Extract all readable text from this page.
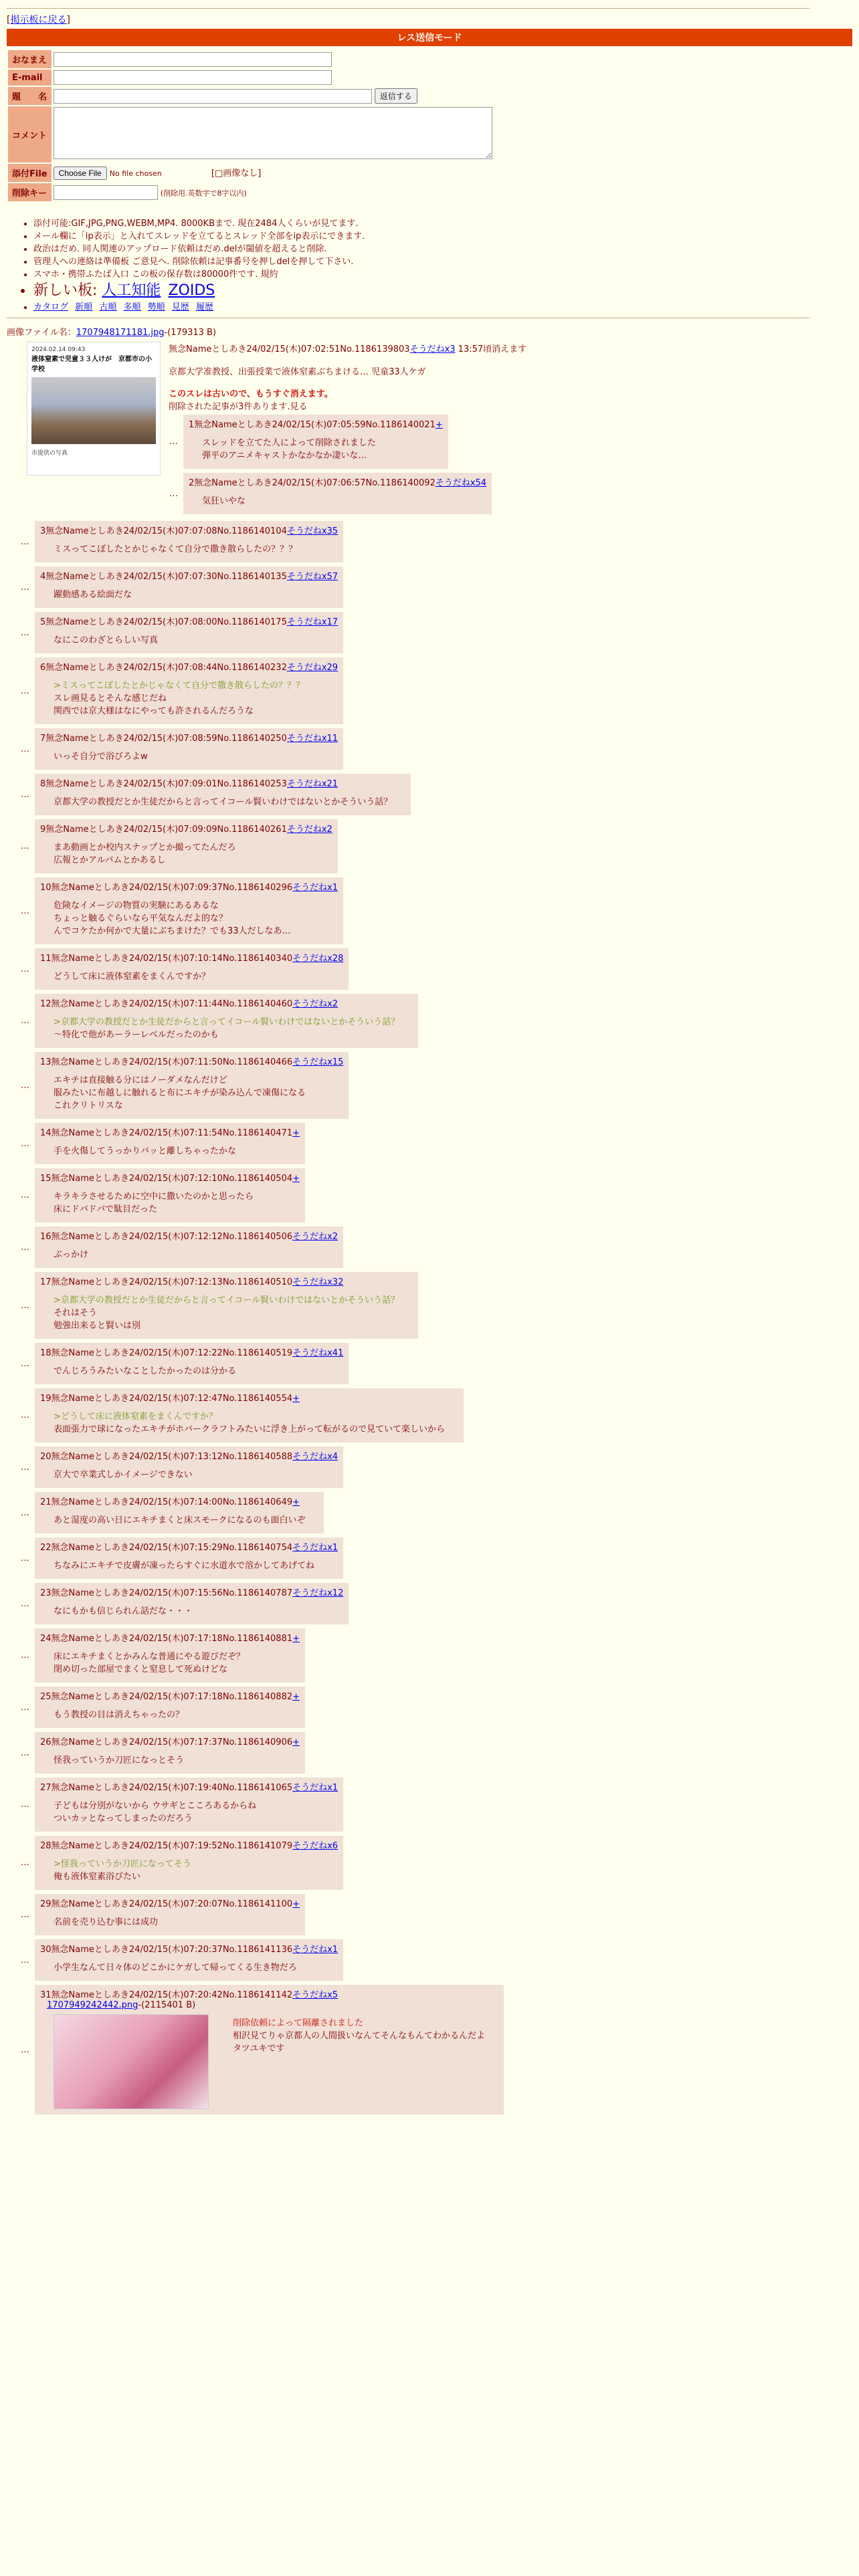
[掲示板に戻る]
レス送信モード
おなまえ	
E-mail	
題　　名	返信する
コメント	
添付File	Choose File No file chosen [□画像なし]
削除キー	(削除用.英数字で8字以内)
• 添付可能:GIF,JPG,PNG,WEBM,MP4. 8000KBまで. 現在2484人くらいが見てます.
• メール欄に「ip表示」と入れてスレッドを立てるとスレッド全部をip表示にできます.
• 政治はだめ. 同人関連のアップロード依頼はだめ.delが閾値を超えると削除.
• 管理人への連絡は準備板 ご意見へ. 削除依頼は記事番号を押しdelを押して下さい.
• スマホ・携帯ふたば入口 この板の保存数は80000件です. 規約
• 新しい板: 人工知能 ZOIDS
• カタログ 新順 古順 多順 勢順 見歴 履歴
画像ファイル名：1707948171181.jpg-(179313 B)
2024.02.14 09:43
液体窒素で児童３３人けが　京都市の小学校
市提供の写真
無念Nameとしあき24/02/15(木)07:02:51No.1186139803そうだねx3 13:57頃消えます
京都大学准教授、出張授業で液体窒素ぶちまける… 児童33人ケガ
このスレは古いので、もうすぐ消えます。
削除された記事が3件あります.見る
…	
1無念Nameとしあき24/02/15(木)07:05:59No.1186140021+
スレッドを立てた人によって削除されました
弾平のアニメキャストかなかなか凄いな…
…	
2無念Nameとしあき24/02/15(木)07:06:57No.1186140092そうだねx54
気狂いやな
…	
3無念Nameとしあき24/02/15(木)07:07:08No.1186140104そうだねx35
ミスってこぼしたとかじゃなくて自分で撒き散らしたの？？？
…	
4無念Nameとしあき24/02/15(木)07:07:30No.1186140135そうだねx57
躍動感ある絵面だな
…	
5無念Nameとしあき24/02/15(木)07:08:00No.1186140175そうだねx17
なにこのわざとらしい写真
…	
6無念Nameとしあき24/02/15(木)07:08:44No.1186140232そうだねx29
>ミスってこぼしたとかじゃなくて自分で撒き散らしたの？？？
スレ画見るとそんな感じだね
関西では京大様はなにやっても許されるんだろうな
…	
7無念Nameとしあき24/02/15(木)07:08:59No.1186140250そうだねx11
いっそ自分で浴びろよw
…	
8無念Nameとしあき24/02/15(木)07:09:01No.1186140253そうだねx21
京都大学の教授だとか生徒だからと言ってイコール賢いわけではないとかそういう話？
…	
9無念Nameとしあき24/02/15(木)07:09:09No.1186140261そうだねx2
まあ動画とか校内スナップとか撮ってたんだろ
広報とかアルバムとかあるし
…	
10無念Nameとしあき24/02/15(木)07:09:37No.1186140296そうだねx1
危険なイメージの物質の実験にあるあるな
ちょっと触るぐらいなら平気なんだよ的な？
んでコケたか何かで大量にぶちまけた？でも33人だしなあ…
…	
11無念Nameとしあき24/02/15(木)07:10:14No.1186140340そうだねx28
どうして床に液体窒素をまくんですか？
…	
12無念Nameとしあき24/02/15(木)07:11:44No.1186140460そうだねx2
>京都大学の教授だとか生徒だからと言ってイコール賢いわけではないとかそういう話？
〜特化で他があーラーレベルだったのかも
…	
13無念Nameとしあき24/02/15(木)07:11:50No.1186140466そうだねx15
エキチは直接触る分にはノーダメなんだけど
服みたいに布越しに触れると布にエキチが染み込んで凍傷になる
これクリトリスな
…	
14無念Nameとしあき24/02/15(木)07:11:54No.1186140471+
手を火傷してうっかりバッと離しちゃったかな
…	
15無念Nameとしあき24/02/15(木)07:12:10No.1186140504+
キラキラさせるために空中に撒いたのかと思ったら
床にドバドバで駄目だった
…	
16無念Nameとしあき24/02/15(木)07:12:12No.1186140506そうだねx2
ぶっかけ
…	
17無念Nameとしあき24/02/15(木)07:12:13No.1186140510そうだねx32
>京都大学の教授だとか生徒だからと言ってイコール賢いわけではないとかそういう話？
それはそう
勉強出来ると賢いは別
…	
18無念Nameとしあき24/02/15(木)07:12:22No.1186140519そうだねx41
でんじろうみたいなことしたかったのは分かる
…	
19無念Nameとしあき24/02/15(木)07:12:47No.1186140554+
>どうして床に液体窒素をまくんですか？
表面張力で球になったエキチがホバークラフトみたいに浮き上がって転がるので見ていて楽しいから
…	
20無念Nameとしあき24/02/15(木)07:13:12No.1186140588そうだねx4
京大で卒業式しかイメージできない
…	
21無念Nameとしあき24/02/15(木)07:14:00No.1186140649+
あと湿度の高い日にエキチまくと床スモークになるのも面白いぞ
…	
22無念Nameとしあき24/02/15(木)07:15:29No.1186140754そうだねx1
ちなみにエキチで皮膚が凍ったらすぐに水道水で溶かしてあげてね
…	
23無念Nameとしあき24/02/15(木)07:15:56No.1186140787そうだねx12
なにもかも信じられん話だな・・・
…	
24無念Nameとしあき24/02/15(木)07:17:18No.1186140881+
床にエキチまくとかみんな普通にやる遊びだぞ？
閉め切った部屋でまくと窒息して死ぬけどな
…	
25無念Nameとしあき24/02/15(木)07:17:18No.1186140882+
もう教授の目は消えちゃったの？
…	
26無念Nameとしあき24/02/15(木)07:17:37No.1186140906+
怪我っていうか刀匠になっとそう
…	
27無念Nameとしあき24/02/15(木)07:19:40No.1186141065そうだねx1
子どもは分別がないから ウサギとこころあるからね
ついカッとなってしまったのだろう
…	
28無念Nameとしあき24/02/15(木)07:19:52No.1186141079そうだねx6
>怪我っていうか刀匠になってそう
俺も液体窒素浴びたい
…	
29無念Nameとしあき24/02/15(木)07:20:07No.1186141100+
名前を売り込む事には成功
…	
30無念Nameとしあき24/02/15(木)07:20:37No.1186141136そうだねx1
小学生なんて日々体のどこかにケガして帰ってくる生き物だろ
…	
31無念Nameとしあき24/02/15(木)07:20:42No.1186141142そうだねx5
1707949242442.png-(2115401 B)
削除依頼によって隔離されました
相沢見てりゃ京都人の人間扱いなんてそんなもんてわかるんだよ
タツユキです
